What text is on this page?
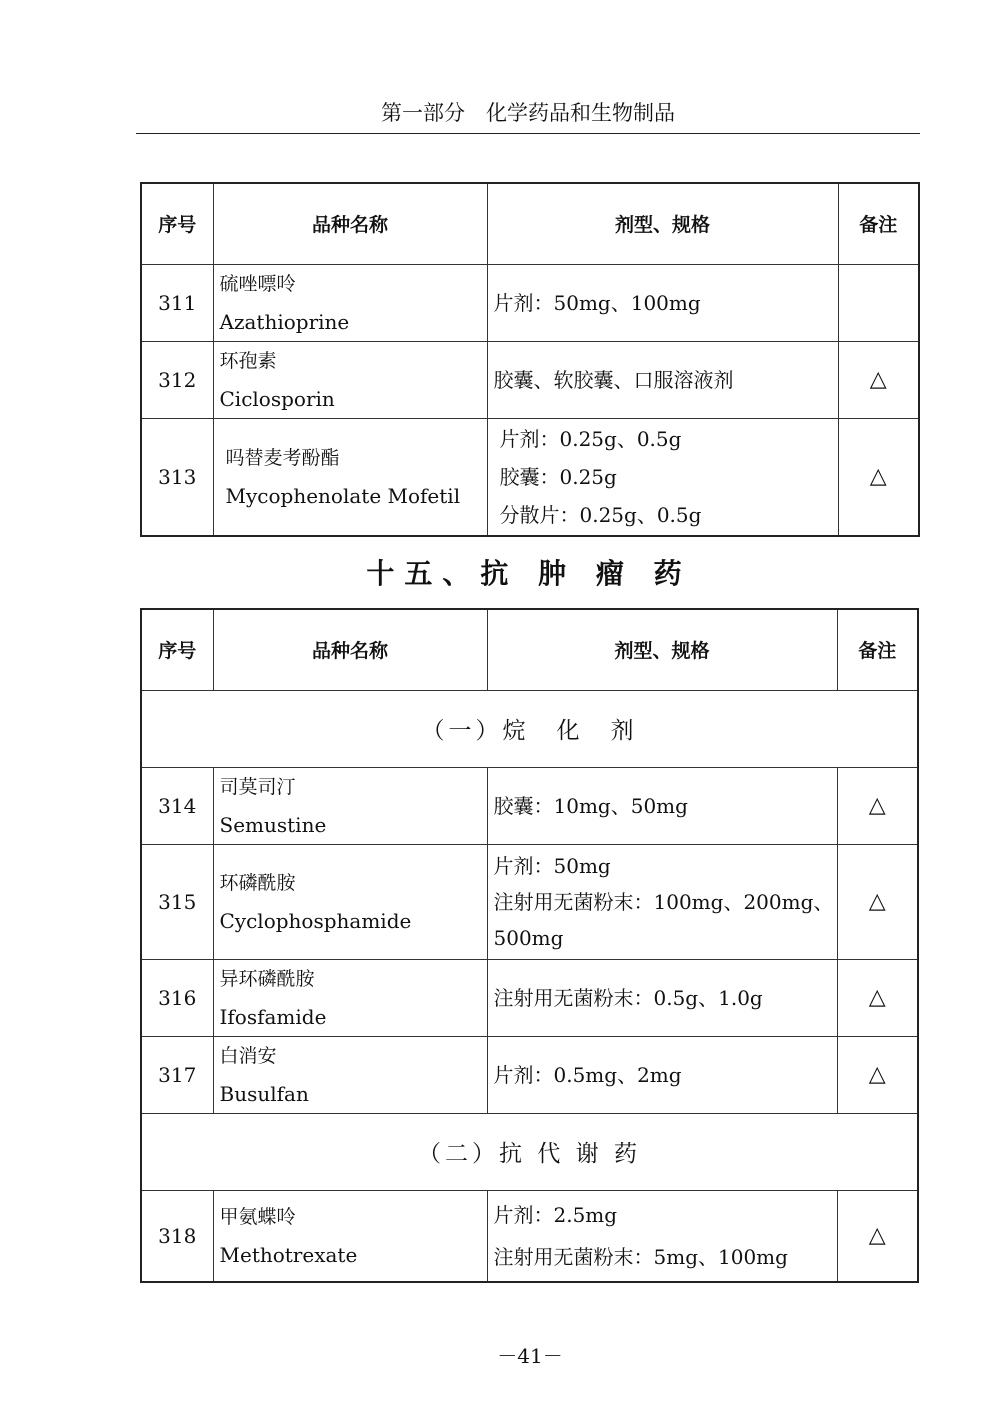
第一部分　化学药品和生物制品
序号	品种名称	剂型、规格	备注
311	硫唑嘌呤
Azathioprine	片剂：50mg、100mg	

312	环孢素
Ciclosporin	胶囊、软胶囊、口服溶液剂	△
313	吗替麦考酚酯
Mycophenolate Mofetil	片剂：0.25g、0.5g
胶囊：0.25g
分散片：0.25g、0.5g	△
十五、抗 肿 瘤 药
序号	品种名称	剂型、规格	备注
（一）烷　化　剂			
314	司莫司汀
Semustine	胶囊：10mg、50mg	△
315	环磷酰胺
Cyclophosphamide	片剂：50mg
注射用无菌粉末：100mg、200mg、
500mg	△
316	异环磷酰胺
Ifosfamide	注射用无菌粉末：0.5g、1.0g	△
317	白消安
Busulfan	片剂：0.5mg、2mg	△
（二）抗 代 谢 药			
318	甲氨蝶呤
Methotrexate	片剂：2.5mg
注射用无菌粉末：5mg、100mg	△
－41－
